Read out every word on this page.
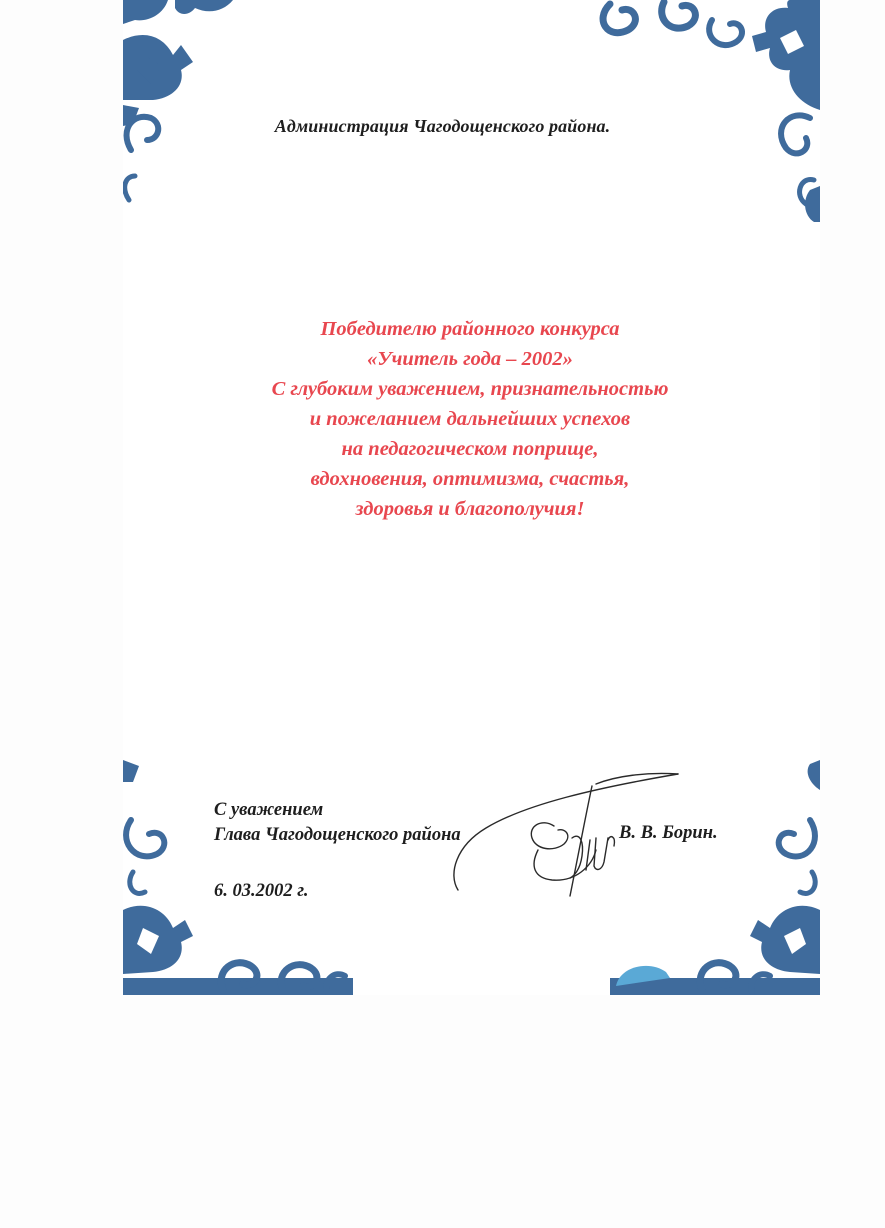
Администрация Чагодощенского района.
Победителю районного конкурса
«Учитель года – 2002»
С глубоким уважением, признательностью
и пожеланием дальнейших успехов
на педагогическом поприще,
вдохновения, оптимизма, счастья,
здоровья и благополучия!
С уважением
Глава Чагодощенского района	В. В. Борин.
6. 03.2002 г.
